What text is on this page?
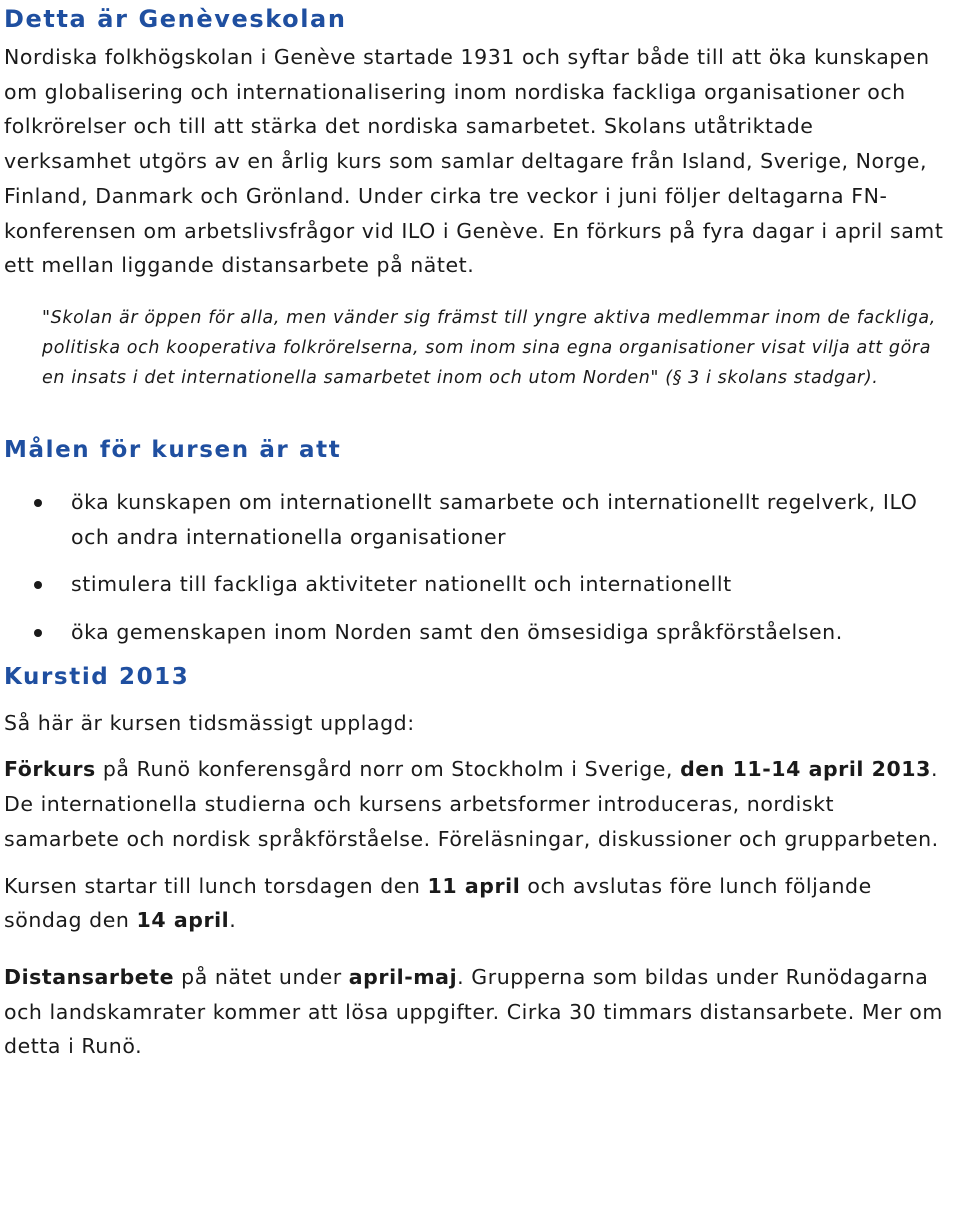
Detta är Genèveskolan

Nordiska folkhögskolan i Genève startade 1931 och syftar både till att öka kunskapen om globalisering och internationalisering inom nordiska fackliga organisationer och folkrörelser och till att stärka det nordiska samarbetet. Skolans utåtriktade verksamhet utgörs av en årlig kurs som samlar deltagare från Island, Sverige, Norge, Finland, Danmark och Grönland. Under cirka tre veckor i juni följer deltagarna FN-konferensen om arbetslivsfrågor vid ILO i Genève. En förkurs på fyra dagar i april samt ett mellan liggande distansarbete på nätet.

"Skolan är öppen för alla, men vänder sig främst till yngre aktiva medlemmar inom de fackliga, politiska och kooperativa folkrörelserna, som inom sina egna organisationer visat vilja att göra en insats i det internationella samarbetet inom och utom Norden" (§ 3 i skolans stadgar).

Målen för kursen är att
öka kunskapen om internationellt samarbete och internationellt regelverk, ILO och andra internationella organisationer
stimulera till fackliga aktiviteter nationellt och internationellt
öka gemenskapen inom Norden samt den ömsesidiga språkförståelsen.
Kurstid 2013

Så här är kursen tidsmässigt upplagd:

Förkurs på Runö konferensgård norr om Stockholm i Sverige, den 11-14 april 2013. De internationella studierna och kursens arbetsformer introduceras, nordiskt samarbete och nordisk språkförståelse. Föreläsningar, diskussioner och grupparbeten.

Kursen startar till lunch torsdagen den 11 april och avslutas före lunch följande söndag den 14 april.

Distansarbete på nätet under april-maj. Grupperna som bildas under Runödagarna och landskamrater kommer att lösa uppgifter. Cirka 30 timmars distansarbete. Mer om detta i Runö.
